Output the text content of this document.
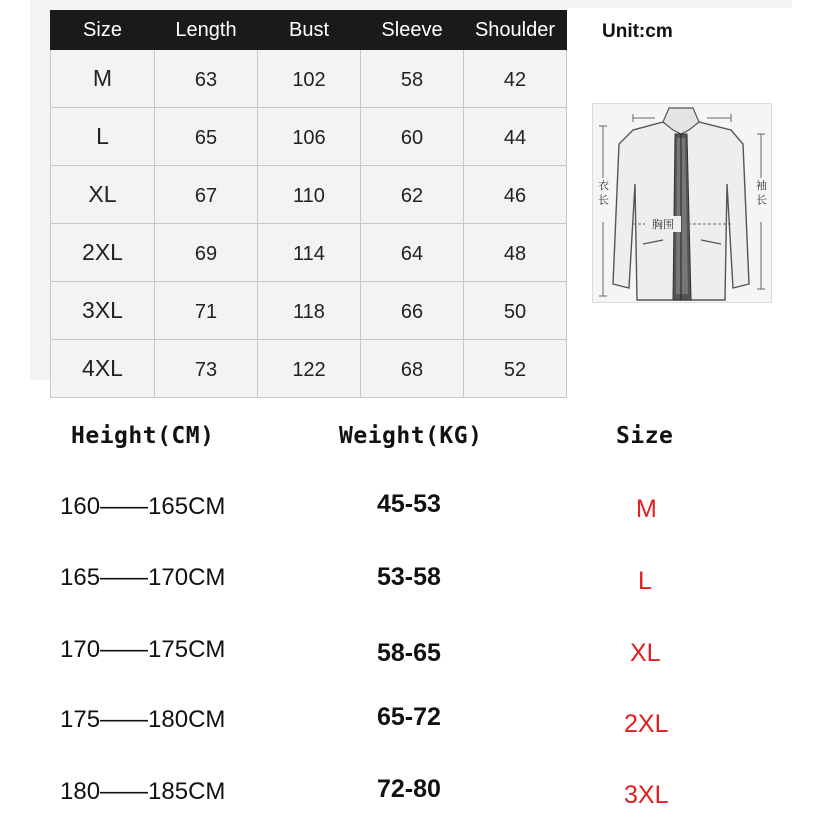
Size	Length	Bust	Sleeve	Shoulder
M	63	102	58	42
L	65	106	60	44
XL	67	110	62	46
2XL	69	114	64	48
3XL	71	118	66	50
4XL	73	122	68	52
Unit:cm
衣 长	袖 长
胸围
Height(CM)	Weight(KG)	Size
160——165CM	45-53	M
165——170CM	53-58	L
170——175CM	58-65	XL
175——180CM	65-72	2XL
180——185CM	72-80	3XL
